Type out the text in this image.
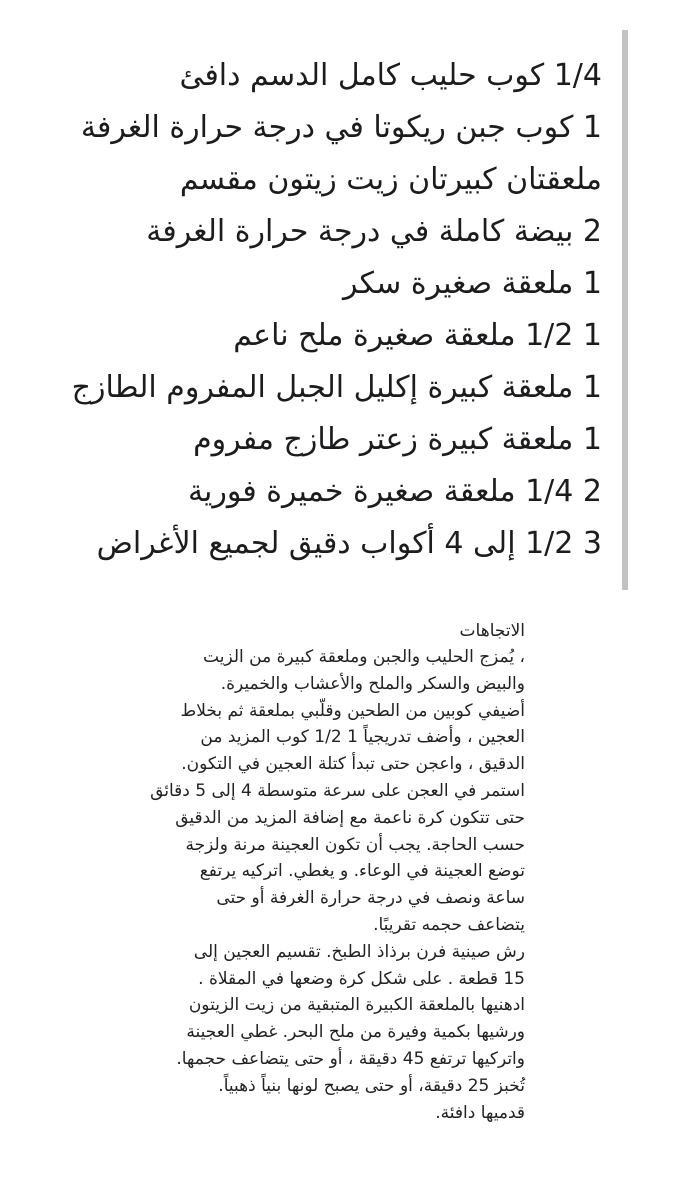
1/4 كوب حليب كامل الدسم دافئ
1 كوب جبن ريكوتا في درجة حرارة الغرفة
ملعقتان كبيرتان زيت زيتون مقسم
2 بيضة كاملة في درجة حرارة الغرفة
1 ملعقة صغيرة سكر
1 1/2 ملعقة صغيرة ملح ناعم
1 ملعقة كبيرة إكليل الجبل المفروم الطازج
1 ملعقة كبيرة زعتر طازج مفروم
2 1/4 ملعقة صغيرة خميرة فورية
3 1/2 إلى 4 أكواب دقيق لجميع الأغراض
الاتجاهات
، يُمزج الحليب والجبن وملعقة كبيرة من الزيت
والبيض والسكر والملح والأعشاب والخميرة.
أضيفي كوبين من الطحين وقلّبي بملعقة ثم بخلاط
العجين ، وأضف تدريجياً 1 1/2 كوب المزيد من
الدقيق ، واعجن حتى تبدأ كتلة العجين في التكون.
استمر في العجن على سرعة متوسطة 4 إلى 5 دقائق
حتى تتكون كرة ناعمة مع إضافة المزيد من الدقيق
حسب الحاجة. يجب أن تكون العجينة مرنة ولزجة
توضع العجينة في الوعاء. و يغطي. اتركيه يرتفع
ساعة ونصف في درجة حرارة الغرفة أو حتى
يتضاعف حجمه تقريبًا.
رش صينية فرن برذاذ الطبخ. تقسيم العجين إلى
15 قطعة . على شكل كرة وضعها في المقلاة .
ادهنيها بالملعقة الكبيرة المتبقية من زيت الزيتون
ورشيها بكمية وفيرة من ملح البحر. غطي العجينة
واتركيها ترتفع 45 دقيقة ، أو حتى يتضاعف حجمها.
تُخبز 25 دقيقة، أو حتى يصبح لونها بنياً ذهبياً.
قدميها دافئة.
